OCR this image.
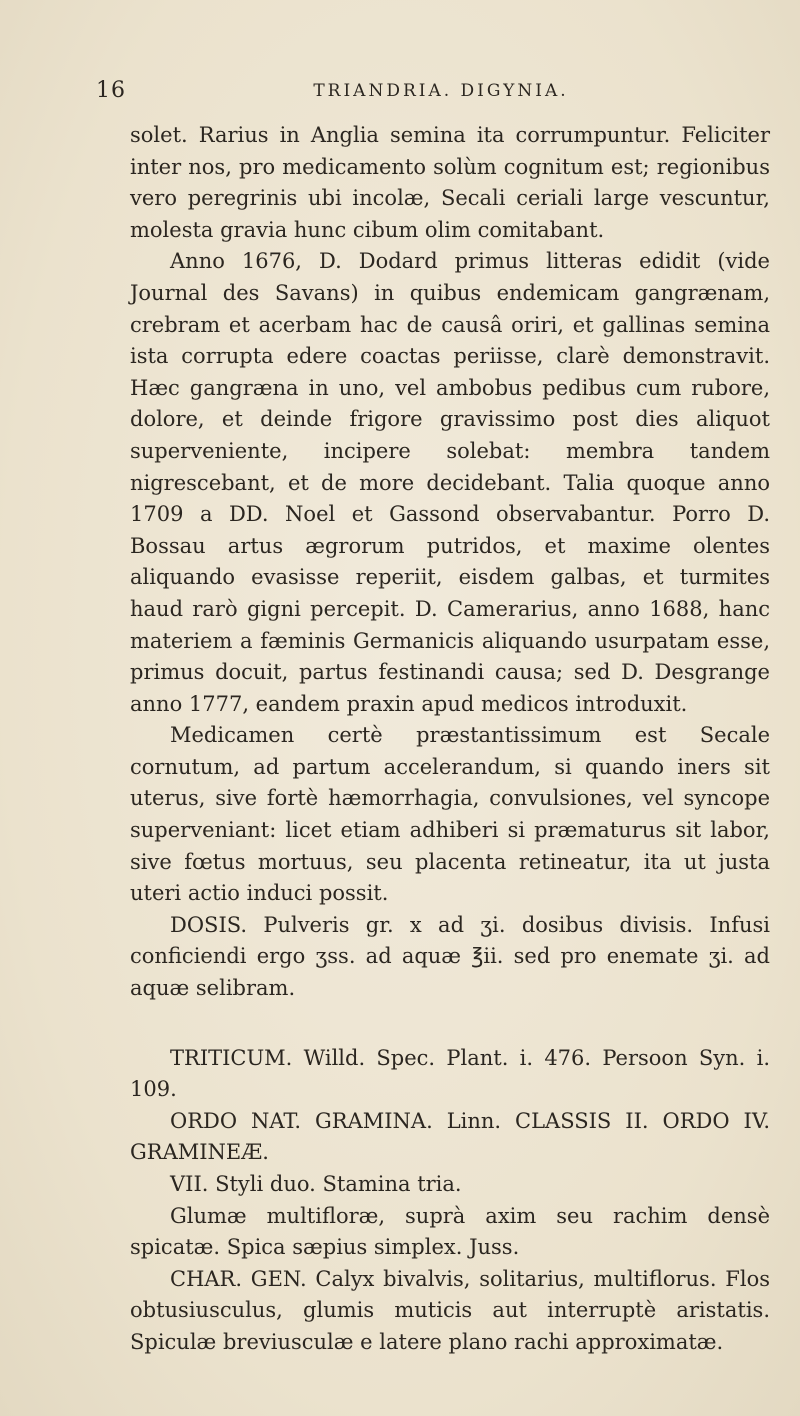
16	TRIANDRIA. DIGYNIA.

solet. Rarius in Anglia semina ita corrumpuntur. Feliciter inter nos, pro medicamento solùm cognitum est; regionibus vero peregrinis ubi incolæ, Secali ceriali large vescuntur, molesta gravia hunc cibum olim comitabant.

Anno 1676, D. Dodard primus litteras edidit (vide Journal des Savans) in quibus endemicam gangrænam, crebram et acerbam hac de causâ oriri, et gallinas semina ista corrupta edere coactas periisse, clarè demonstravit. Hæc gangræna in uno, vel ambobus pedibus cum rubore, dolore, et deinde frigore gravissimo post dies aliquot superveniente, incipere solebat: membra tandem nigrescebant, et de more decidebant. Talia quoque anno 1709 a DD. Noel et Gassond observabantur. Porro D. Bossau artus ægrorum putridos, et maxime olentes aliquando evasisse reperiit, eisdem galbas, et turmites haud rarò gigni percepit. D. Camerarius, anno 1688, hanc materiem a fæminis Germanicis aliquando usurpatam esse, primus docuit, partus festinandi causa; sed D. Desgrange anno 1777, eandem praxin apud medicos introduxit.

Medicamen certè præstantissimum est Secale cornutum, ad partum accelerandum, si quando iners sit uterus, sive fortè hæmorrhagia, convulsiones, vel syncope superveniant: licet etiam adhiberi si præmaturus sit labor, sive fœtus mortuus, seu placenta retineatur, ita ut justa uteri actio induci possit.

DOSIS. Pulveris gr. x ad ʒi. dosibus divisis. Infusi conficiendi ergo ʒss. ad aquæ ℥ii. sed pro enemate ʒi. ad aquæ selibram.

TRITICUM. Willd. Spec. Plant. i. 476. Persoon Syn. i. 109.

ORDO NAT. GRAMINA. Linn. CLASSIS II. ORDO IV. GRAMINEÆ.

VII. Styli duo. Stamina tria.

Glumæ multifloræ, suprà axim seu rachim densè spicatæ. Spica sæpius simplex. Juss.

CHAR. GEN. Calyx bivalvis, solitarius, multiflorus. Flos obtusiusculus, glumis muticis aut interruptè aristatis. Spiculæ breviusculæ e latere plano rachi approximatæ.
